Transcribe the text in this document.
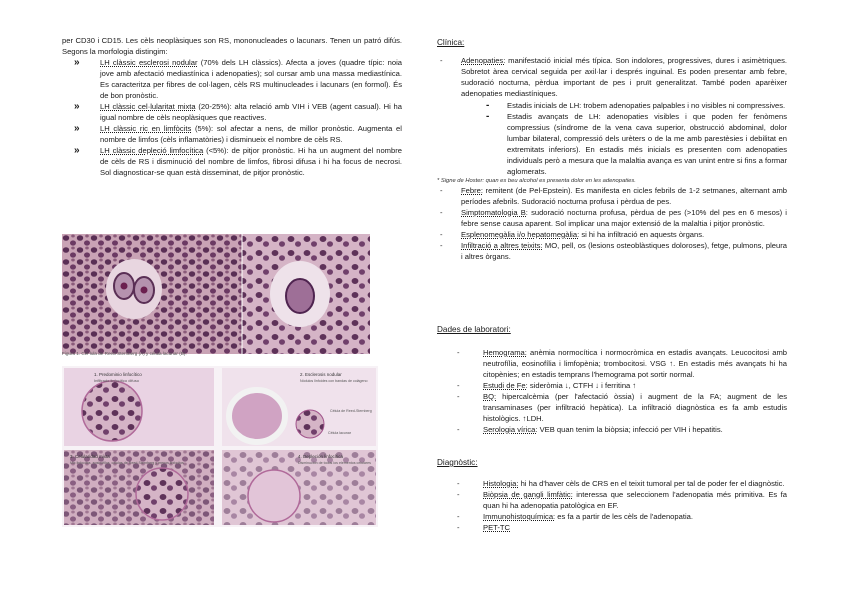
per CD30 i CD15. Les cèls neoplàsiques son RS, mononucleades o lacunars. Tenen un patró difús. Segons la morfologia distingim:

» LH clàssic esclerosi nodular (70% dels LH clàssics). Afecta a joves (quadre típic: noia jove amb afectació mediastínica i adenopaties); sol cursar amb una massa mediastínica. Es caracteritza per fibres de col·lagen, cèls RS multinucleades i lacunars (en formol). És de bon pronòstic.
» LH clàssic cel·lularitat mixta (20-25%): alta relació amb VIH i VEB (agent casual). Hi ha igual nombre de cèls neoplàsiques que reactives.
» LH clàssic ric en limfòcits (5%): sol afectar a nens, de millor pronòstic. Augmenta el nombre de limfos (cèls inflamatòries) i disminueix el nombre de cèls RS.
» LH clàssic depleció limfocítica (<5%): de pitjor pronòstic. Hi ha un augment del nombre de cèls de RS i disminució del nombre de limfos, fibrosi difusa i hi ha focus de necrosi. Sol diagnosticar-se quan està disseminat, de pitjor pronòstic.
Figura 1. Cèl·lula de Reed-Sternberg (A) y célula lacunar (B).
1. Predominio linfocítico
Infiltrado linfocítico difuso
2. Esclerosis nodular
Nódulos linfoides con bandas de colágeno
Célula de Reed-Sternberg
Célula lacunar
3. Celularidad mixta
Mix linfocitos, eosinófilos, células de Reed-Sternberg y menos linfocitos
4. Depleción linfocítica
Disminución de todos los elementos celulares
Clínica:
- Adenopaties: manifestació inicial més típica. Son indolores, progressives, dures i asimètriques. Sobretot àrea cervical seguida per axil·lar i després inguinal. Es poden presentar amb febre, sudoració nocturna, pèrdua important de pes i pruït generalitzat. També poden aparèixer adenopaties mediastíniques.
- Estadis inicials de LH: trobem adenopaties palpables i no visibles ni compressives.
- Estadis avançats de LH: adenopaties visibles i que poden fer fenòmens compressius (síndrome de la vena cava superior, obstrucció abdominal, dolor lumbar bilateral, compressió dels urèters o de la me amb parestèsies i debilitat en extremitats inferiors). En estadis més inicials es presenten com adenopaties individuals però a mesura que la malaltia avança es van unint entre si fins a formar aglomerats.
* Signe de Hoster: quan es beu alcohol es presenta dolor en les adenopaties.
- Febre: remitent (de Pel-Epstein). Es manifesta en cicles febrils de 1-2 setmanes, alternant amb períodes afebrils. Sudoració nocturna profusa i pèrdua de pes.
- Simptomatologia B: sudoració nocturna profusa, pèrdua de pes (>10% del pes en 6 mesos) i febre sense causa aparent. Sol implicar una major extensió de la malaltia i pitjor pronòstic.
- Esplenomegàlia i/o hepatomegàlia: si hi ha infiltració en aquests òrgans.
- Infiltració a altres teixits: MO, pell, os (lesions osteoblàstiques doloroses), fetge, pulmons, pleura i altres òrgans.
Dades de laboratori:
- Hemograma: anèmia normocítica i normocròmica en estadis avançats. Leucocitosi amb neutrofília, eosinofília i limfopènia; trombocitosi. VSG ↑. En estadis més avançats hi ha citopènies; en estadis temprans l'hemograma pot sortir normal.
- Estudi de Fe: sideròmia ↓, CTFH ↓ i ferritina ↑
- BQ: hipercalcèmia (per l'afectació òssia) i augment de la FA; augment de les transaminases (per infiltració hepàtica). La infiltració diagnòstica es fa amb estudis histològics. ↑LDH.
- Serologia vírica: VEB quan tenim la biòpsia; infecció per VIH i hepatitis.
Diagnòstic:
- Histologia: hi ha d'haver cèls de CRS en el teixit tumoral per tal de poder fer el diagnòstic.
- Biòpsia de gangli limfàtic: interessa que seleccionem l'adenopatia més primitiva. Es fa quan hi ha adenopatia patològica en EF.
- Immunohistoquímica: es fa a partir de les cèls de l'adenopatia.
- PET-TC
